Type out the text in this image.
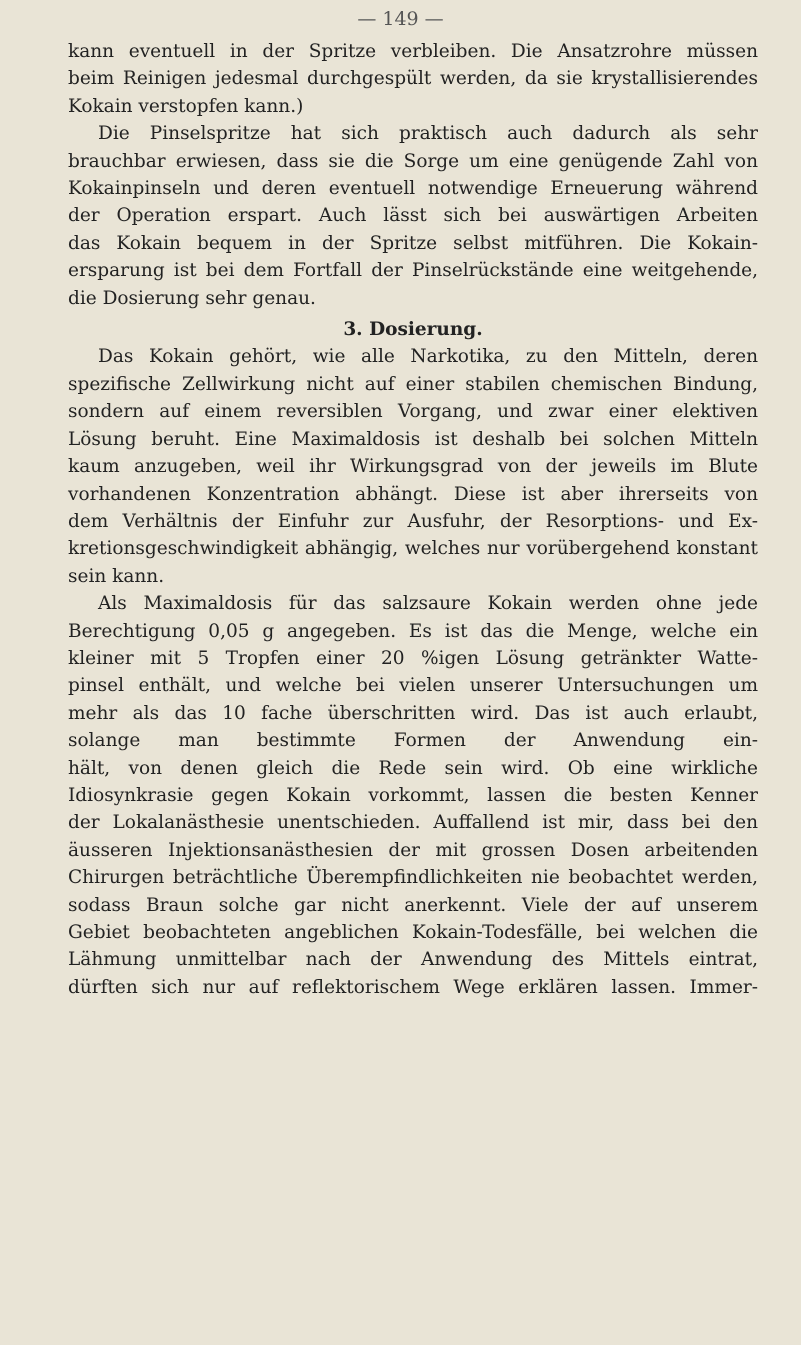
— 149 —
kann eventuell in der Spritze verbleiben. Die Ansatzrohre müssen
beim Reinigen jedesmal durchgespült werden, da sie krystallisierendes
Kokain verstopfen kann.)
Die Pinselspritze hat sich praktisch auch dadurch als sehr
brauchbar erwiesen, dass sie die Sorge um eine genügende Zahl von
Kokainpinseln und deren eventuell notwendige Erneuerung während
der Operation erspart. Auch lässt sich bei auswärtigen Arbeiten
das Kokain bequem in der Spritze selbst mitführen. Die Kokain-
ersparung ist bei dem Fortfall der Pinselrückstände eine weitgehende,
die Dosierung sehr genau.
3. Dosierung.
Das Kokain gehört, wie alle Narkotika, zu den Mitteln, deren
spezifische Zellwirkung nicht auf einer stabilen chemischen Bindung,
sondern auf einem reversiblen Vorgang, und zwar einer elektiven
Lösung beruht. Eine Maximaldosis ist deshalb bei solchen Mitteln
kaum anzugeben, weil ihr Wirkungsgrad von der jeweils im Blute
vorhandenen Konzentration abhängt. Diese ist aber ihrerseits von
dem Verhältnis der Einfuhr zur Ausfuhr, der Resorptions- und Ex-
kretionsgeschwindigkeit abhängig, welches nur vorübergehend konstant
sein kann.
Als Maximaldosis für das salzsaure Kokain werden ohne jede
Berechtigung 0,05 g angegeben. Es ist das die Menge, welche ein
kleiner mit 5 Tropfen einer 20 %igen Lösung getränkter Watte-
pinsel enthält, und welche bei vielen unserer Untersuchungen um
mehr als das 10 fache überschritten wird. Das ist auch erlaubt,
solange man bestimmte Formen der Anwendung ein-
hält, von denen gleich die Rede sein wird. Ob eine wirkliche
Idiosynkrasie gegen Kokain vorkommt, lassen die besten Kenner
der Lokalanästhesie unentschieden. Auffallend ist mir, dass bei den
äusseren Injektionsanästhesien der mit grossen Dosen arbeitenden
Chirurgen beträchtliche Überempfindlichkeiten nie beobachtet werden,
sodass Braun solche gar nicht anerkennt. Viele der auf unserem
Gebiet beobachteten angeblichen Kokain-Todesfälle, bei welchen die
Lähmung unmittelbar nach der Anwendung des Mittels eintrat,
dürften sich nur auf reflektorischem Wege erklären lassen. Immer-
